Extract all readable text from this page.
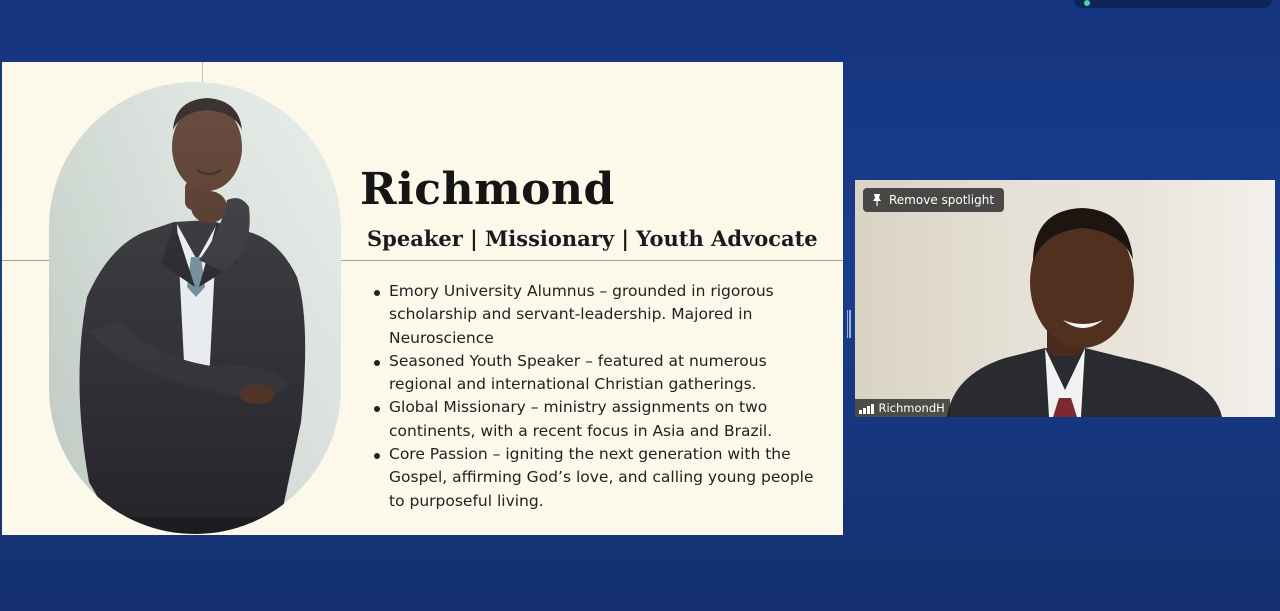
Richmond
Speaker | Missionary | Youth Advocate
Emory University Alumnus – grounded in rigorous scholarship and servant-leadership. Majored in Neuroscience
Seasoned Youth Speaker – featured at numerous regional and international Christian gatherings.
Global Missionary – ministry assignments on two continents, with a recent focus in Asia and Brazil.
Core Passion – igniting the next generation with the Gospel, affirming God’s love, and calling young people to purposeful living.
Remove spotlight
RichmondH
